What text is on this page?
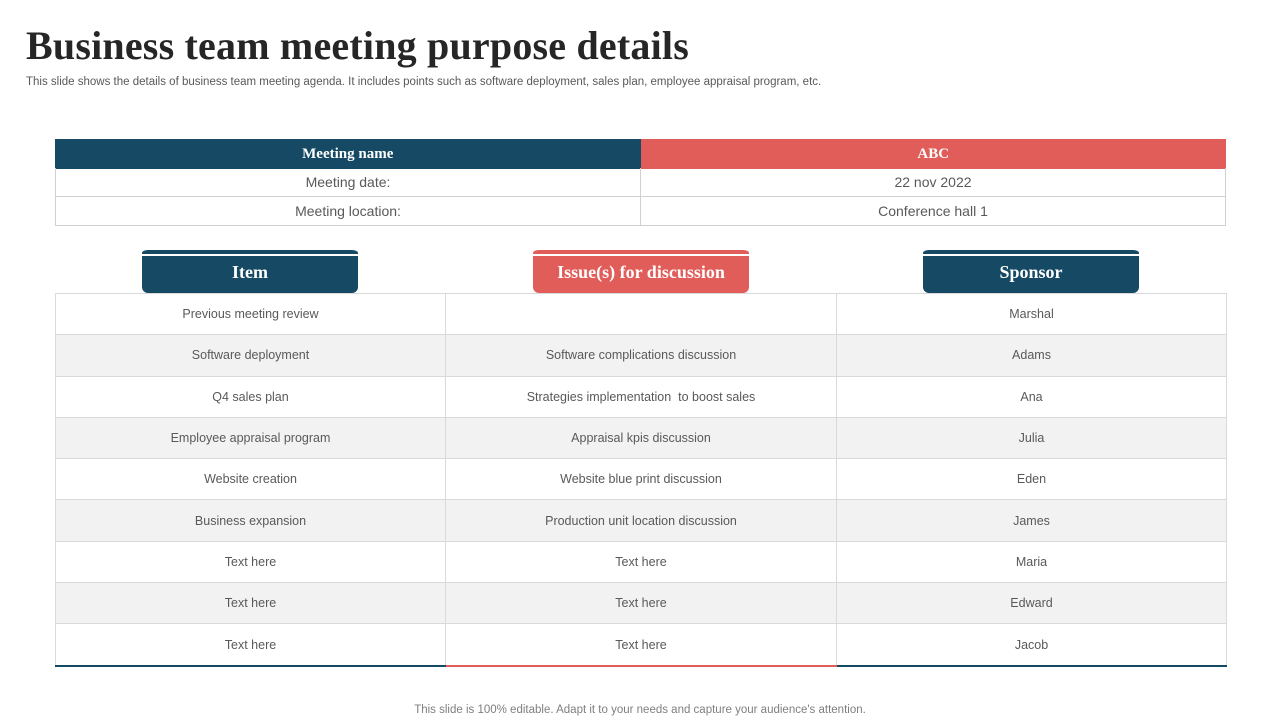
Business team meeting purpose details

This slide shows the details of business team meeting agenda. It includes points such as software deployment, sales plan, employee appraisal program, etc.

Meeting name	ABC
Meeting date:	22 nov 2022
Meeting location:	Conference hall 1
Item	Issue(s) for discussion	Sponsor
Previous meeting review		Marshal
Software deployment	Software complications discussion	Adams
Q4 sales plan	Strategies implementation  to boost sales	Ana
Employee appraisal program	Appraisal kpis discussion	Julia
Website creation	Website blue print discussion	Eden
Business expansion	Production unit location discussion	James
Text here	Text here	Maria
Text here	Text here	Edward
Text here	Text here	Jacob

This slide is 100% editable. Adapt it to your needs and capture your audience's attention.
